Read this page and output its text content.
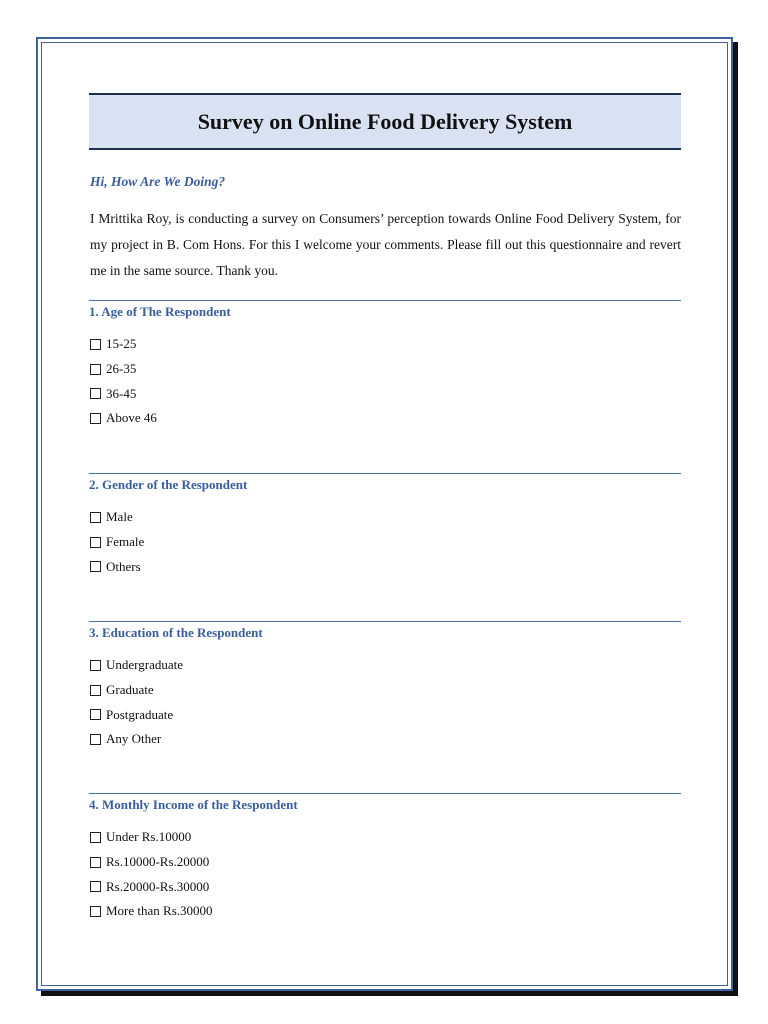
Survey on Online Food Delivery System

Hi, How Are We Doing?

I Mrittika Roy, is conducting a survey on Consumers’ perception towards Online Food Delivery System, for my project in B. Com Hons. For this I welcome your comments. Please fill out this questionnaire and revert me in the same source. Thank you.

1. Age of The Respondent
15-25
26-35
36-45
Above 46
2. Gender of the Respondent
Male
Female
Others
3. Education of the Respondent
Undergraduate
Graduate
Postgraduate
Any Other
4. Monthly Income of the Respondent
Under Rs.10000
Rs.10000-Rs.20000
Rs.20000-Rs.30000
More than Rs.30000
